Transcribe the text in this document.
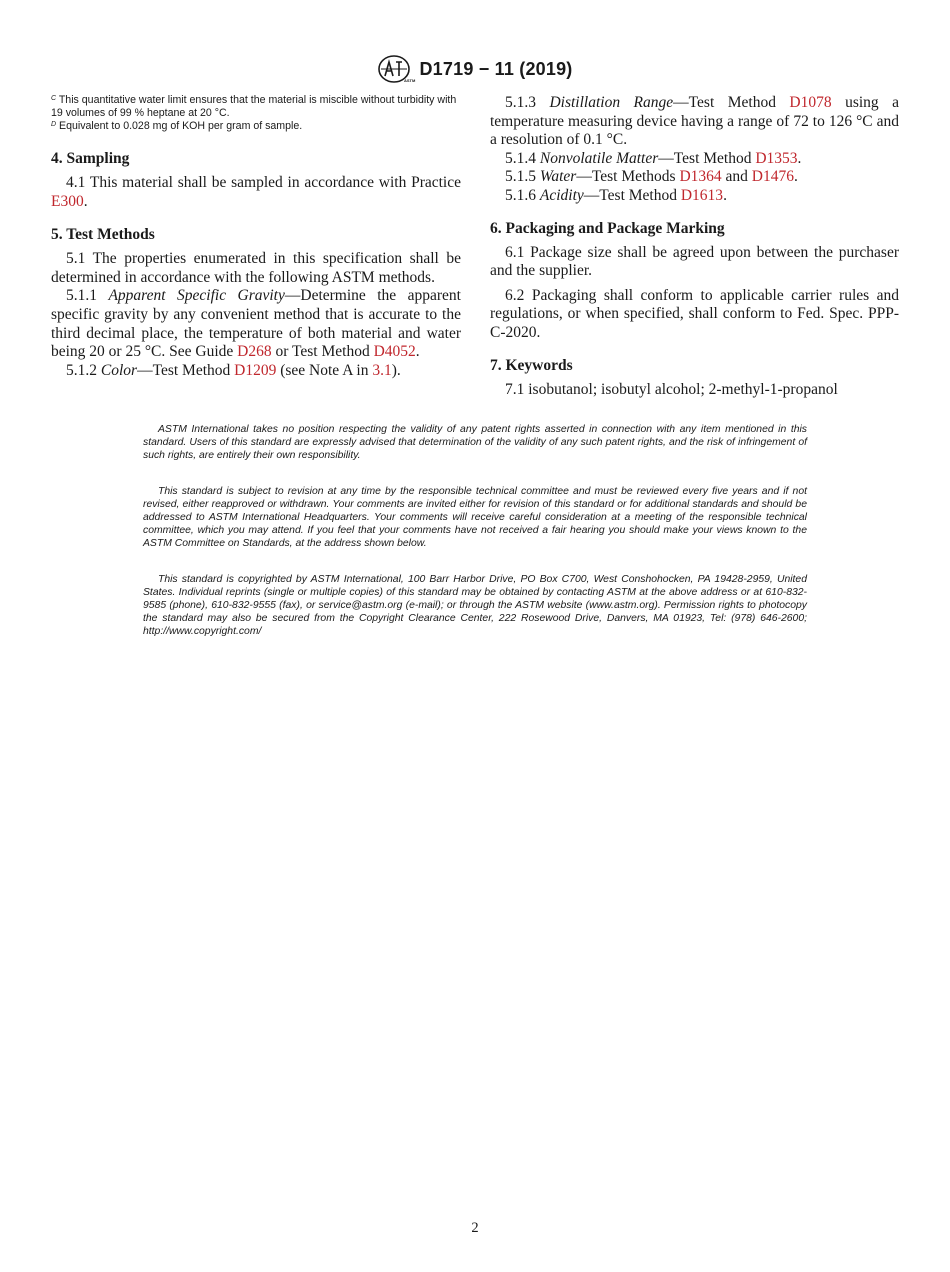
ASTM
D1719 − 11 (2019)
$^C$ This quantitative water limit ensures that the material is miscible without turbidity with 19 volumes of 99 % heptane at 20 °C.
$^D$ Equivalent to 0.028 mg of KOH per gram of sample.

4. Sampling

4.1 This material shall be sampled in accordance with Practice E300.

5. Test Methods

5.1 The properties enumerated in this specification shall be determined in accordance with the following ASTM methods.

5.1.1 Apparent Specific Gravity—Determine the apparent specific gravity by any convenient method that is accurate to the third decimal place, the temperature of both material and water being 20 or 25 °C. See Guide D268 or Test Method D4052.

5.1.2 Color—Test Method D1209 (see Note A in 3.1).

5.1.3 Distillation Range—Test Method D1078 using a temperature measuring device having a range of 72 to 126 °C and a resolution of 0.1 °C.

5.1.4 Nonvolatile Matter—Test Method D1353.

5.1.5 Water—Test Methods D1364 and D1476.

5.1.6 Acidity—Test Method D1613.

6. Packaging and Package Marking

6.1 Package size shall be agreed upon between the purchaser and the supplier.

6.2 Packaging shall conform to applicable carrier rules and regulations, or when specified, shall conform to Fed. Spec. PPP-C-2020.

7. Keywords

7.1 isobutanol; isobutyl alcohol; 2-methyl-1-propanol

ASTM International takes no position respecting the validity of any patent rights asserted in connection with any item mentioned in this standard. Users of this standard are expressly advised that determination of the validity of any such patent rights, and the risk of infringement of such rights, are entirely their own responsibility.

This standard is subject to revision at any time by the responsible technical committee and must be reviewed every five years and if not revised, either reapproved or withdrawn. Your comments are invited either for revision of this standard or for additional standards and should be addressed to ASTM International Headquarters. Your comments will receive careful consideration at a meeting of the responsible technical committee, which you may attend. If you feel that your comments have not received a fair hearing you should make your views known to the ASTM Committee on Standards, at the address shown below.

This standard is copyrighted by ASTM International, 100 Barr Harbor Drive, PO Box C700, West Conshohocken, PA 19428-2959, United States. Individual reprints (single or multiple copies) of this standard may be obtained by contacting ASTM at the above address or at 610-832-9585 (phone), 610-832-9555 (fax), or service@astm.org (e-mail); or through the ASTM website (www.astm.org). Permission rights to photocopy the standard may also be secured from the Copyright Clearance Center, 222 Rosewood Drive, Danvers, MA 01923, Tel: (978) 646-2600; http://www.copyright.com/

2
